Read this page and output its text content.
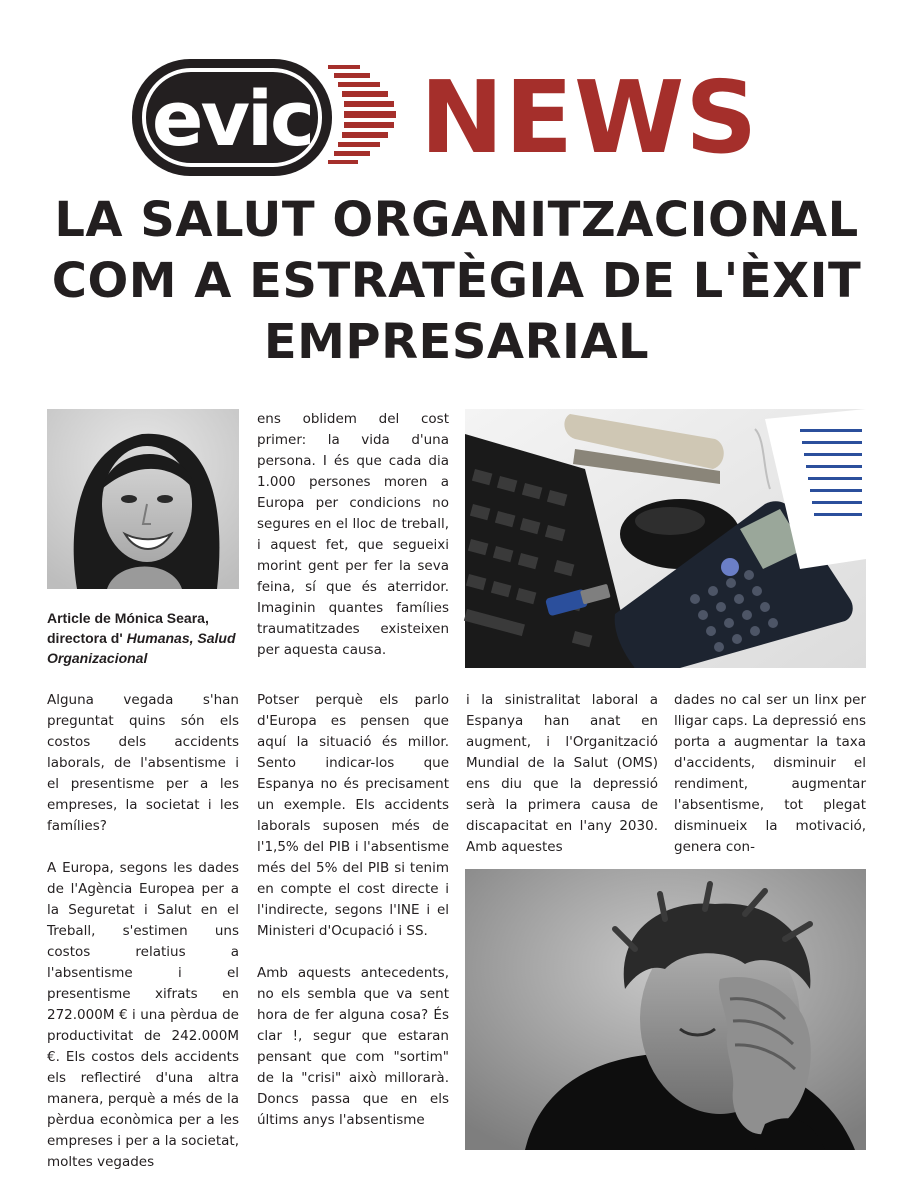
evic NEWS
LA SALUT ORGANITZACIONAL COM A ESTRATÈGIA DE L'ÈXIT EMPRESARIAL
Article de Mónica Seara, directora d' Humanas, Salud Organizacional

ens oblidem del cost primer: la vida d'una persona. I és que cada dia 1.000 persones moren a Europa per condicions no segures en el lloc de treball, i aquest fet, que segueixi morint gent per fer la seva feina, sí que és aterridor. Imaginin quantes famílies traumatitzades existeixen per aquesta causa.

Alguna vegada s'han preguntat quins són els costos dels accidents laborals, de l'absentisme i el presentisme per a les empreses, la societat i les famílies?

A Europa, segons les dades de l'Agència Europea per a la Seguretat i Salut en el Treball, s'estimen uns costos relatius a l'absentisme i el presentisme xifrats en 272.000M € i una pèrdua de productivitat de 242.000M €. Els costos dels accidents els reflectiré d'una altra manera, perquè a més de la pèrdua econòmica per a les empreses i per a la societat, moltes vegades

Potser perquè els parlo d'Europa es pensen que aquí la situació és millor. Sento indicar-los que Espanya no és precisament un exemple. Els accidents laborals suposen més de l'1,5% del PIB i l'absentisme més del 5% del PIB si tenim en compte el cost directe i l'indirecte, segons l'INE i el Ministeri d'Ocupació i SS.

Amb aquests antecedents, no els sembla que va sent hora de fer alguna cosa? És clar !, segur que estaran pensant que com "sortim" de la "crisi" això millorarà. Doncs passa que en els últims anys l'absentisme

i la sinistralitat laboral a Espanya han anat en augment, i l'Organització Mundial de la Salut (OMS) ens diu que la depressió serà la primera causa de discapacitat en l'any 2030. Amb aquestes

dades no cal ser un linx per lligar caps. La depressió ens porta a augmentar la taxa d'accidents, disminuir el rendiment, augmentar l'absentisme, tot plegat disminueix la motivació, genera con-
